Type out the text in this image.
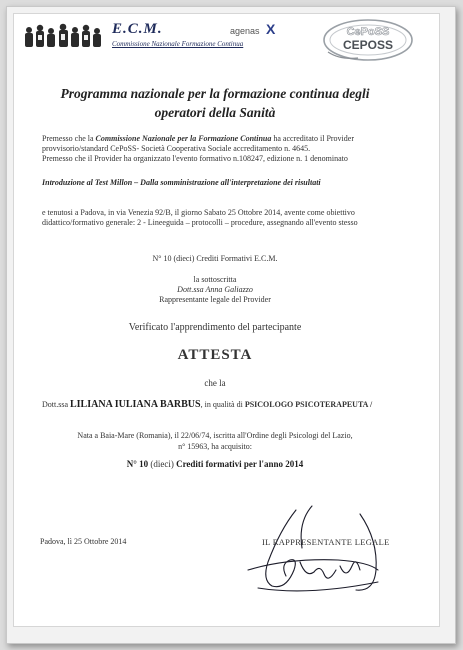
E.C.M.
Commissione Nazionale Formazione Continua
agenas X	CePoSS
CEPOSS
Programma nazionale per la formazione continua degli
operatori della Sanità
Premesso che la Commissione Nazionale per la Formazione Continua ha accreditato il Provider provvisorio/standard CePoSS- Società Cooperativa Sociale accreditamento n. 4645.
Premesso che il Provider ha organizzato l'evento formativo n.108247, edizione n. 1 denominato
Introduzione al Test Millon – Dalla somministrazione all'interpretazione dei risultati
e tenutosi a Padova, in via Venezia 92/B, il giorno Sabato 25 Ottobre 2014, avente come obiettivo didattico/formativo generale: 2 - Lineeguida – protocolli – procedure, assegnando all'evento stesso
N° 10 (dieci) Crediti Formativi E.C.M.
la sottoscritta
Dott.ssa Anna Galiazzo
Rappresentante legale del Provider
Verificato l'apprendimento del partecipante
ATTESTA
che la
Dott.ssa LILIANA IULIANA BARBUS, in qualità di PSICOLOGO PSICOTERAPEUTA /
Nata a Baia-Mare (Romania), il 22/06/74, iscritta all'Ordine degli Psicologi del Lazio,
n° 15963, ha acquisito:
N° 10 (dieci) Crediti formativi per l'anno 2014
Padova, lì 25 Ottobre 2014	IL RAPPRESENTANTE LEGALE
